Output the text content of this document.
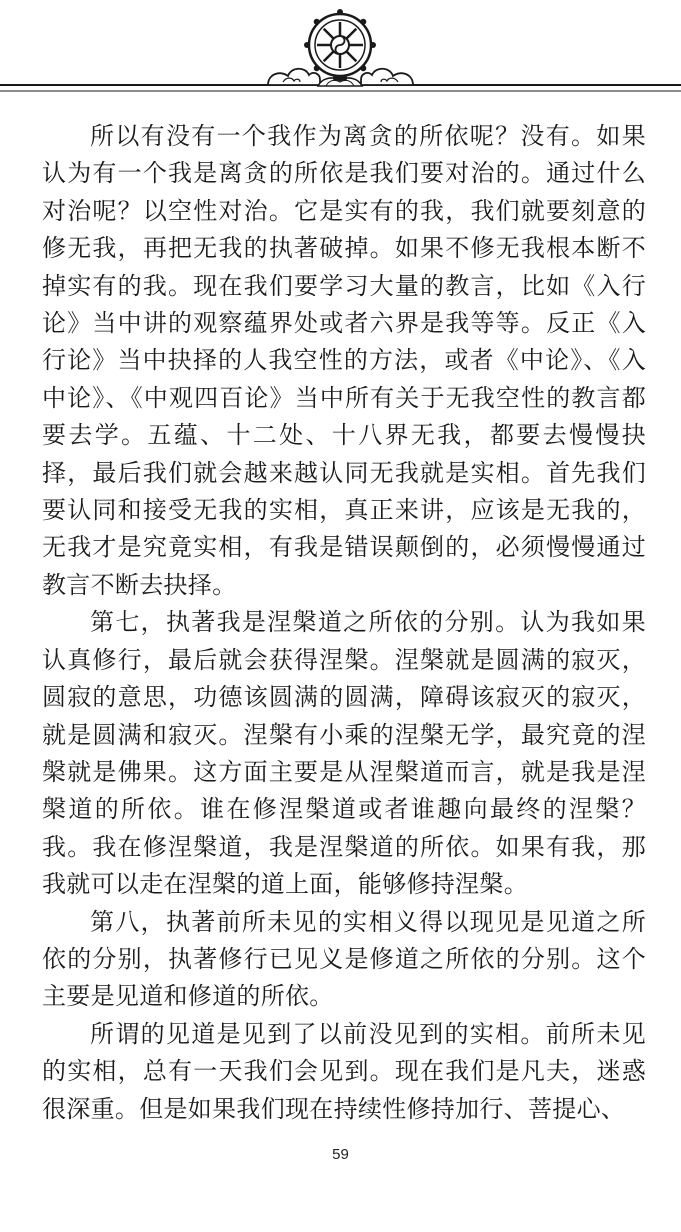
所以有没有一个我作为离贪的所依呢？没有。如果认为有一个我是离贪的所依是我们要对治的。通过什么对治呢？以空性对治。它是实有的我，我们就要刻意的修无我，再把无我的执著破掉。如果不修无我根本断不掉实有的我。现在我们要学习大量的教言，比如《入行论》当中讲的观察蕴界处或者六界是我等等。反正《入行论》当中抉择的人我空性的方法，或者《中论》、《入中论》、《中观四百论》当中所有关于无我空性的教言都要去学。五蕴、十二处、十八界无我，都要去慢慢抉择，最后我们就会越来越认同无我就是实相。首先我们要认同和接受无我的实相，真正来讲，应该是无我的，无我才是究竟实相，有我是错误颠倒的，必须慢慢通过教言不断去抉择。

第七，执著我是涅槃道之所依的分别。认为我如果认真修行，最后就会获得涅槃。涅槃就是圆满的寂灭，圆寂的意思，功德该圆满的圆满，障碍该寂灭的寂灭，就是圆满和寂灭。涅槃有小乘的涅槃无学，最究竟的涅槃就是佛果。这方面主要是从涅槃道而言，就是我是涅槃道的所依。谁在修涅槃道或者谁趣向最终的涅槃？我。我在修涅槃道，我是涅槃道的所依。如果有我，那我就可以走在涅槃的道上面，能够修持涅槃。

第八，执著前所未见的实相义得以现见是见道之所依的分别，执著修行已见义是修道之所依的分别。这个主要是见道和修道的所依。

所谓的见道是见到了以前没见到的实相。前所未见的实相，总有一天我们会见到。现在我们是凡夫，迷惑很深重。但是如果我们现在持续性修持加行、菩提心、

59
